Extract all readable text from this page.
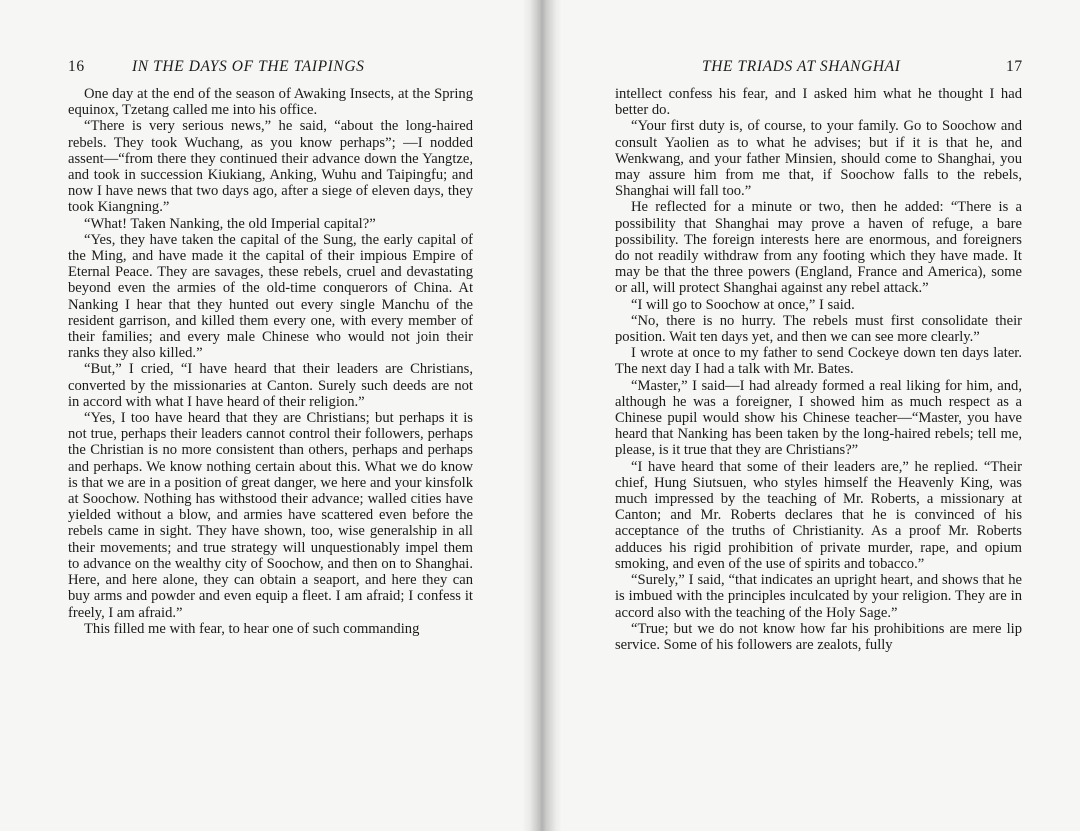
16	IN THE DAYS OF THE TAIPINGS

One day at the end of the season of Awaking Insects, at the Spring equinox, Tzetang called me into his office.

“There is very serious news,” he said, “about the long-haired rebels. They took Wuchang, as you know perhaps”; —I nodded assent—“from there they continued their advance down the Yangtze, and took in succession Kiukiang, Anking, Wuhu and Taipingfu; and now I have news that two days ago, after a siege of eleven days, they took Kiangning.”

“What! Taken Nanking, the old Imperial capital?”

“Yes, they have taken the capital of the Sung, the early capital of the Ming, and have made it the capital of their impious Empire of Eternal Peace. They are savages, these rebels, cruel and devastating beyond even the armies of the old-time conquerors of China. At Nanking I hear that they hunted out every single Manchu of the resident garrison, and killed them every one, with every member of their families; and every male Chinese who would not join their ranks they also killed.”

“But,” I cried, “I have heard that their leaders are Christians, converted by the missionaries at Canton. Surely such deeds are not in accord with what I have heard of their religion.”

“Yes, I too have heard that they are Christians; but perhaps it is not true, perhaps their leaders cannot control their followers, perhaps the Christian is no more consistent than others, perhaps and perhaps and perhaps. We know nothing certain about this. What we do know is that we are in a position of great danger, we here and your kinsfolk at Soochow. Nothing has withstood their advance; walled cities have yielded without a blow, and armies have scattered even before the rebels came in sight. They have shown, too, wise generalship in all their movements; and true strategy will unquestionably impel them to advance on the wealthy city of Soochow, and then on to Shanghai. Here, and here alone, they can obtain a seaport, and here they can buy arms and powder and even equip a fleet. I am afraid; I confess it freely, I am afraid.”

This filled me with fear, to hear one of such commanding

THE TRIADS AT SHANGHAI	17

intellect confess his fear, and I asked him what he thought I had better do.

“Your first duty is, of course, to your family. Go to Soochow and consult Yaolien as to what he advises; but if it is that he, and Wenkwang, and your father Minsien, should come to Shanghai, you may assure him from me that, if Soochow falls to the rebels, Shanghai will fall too.”

He reflected for a minute or two, then he added: “There is a possibility that Shanghai may prove a haven of refuge, a bare possibility. The foreign interests here are enormous, and foreigners do not readily withdraw from any footing which they have made. It may be that the three powers (England, France and America), some or all, will protect Shanghai against any rebel attack.”

“I will go to Soochow at once,” I said.

“No, there is no hurry. The rebels must first consolidate their position. Wait ten days yet, and then we can see more clearly.”

I wrote at once to my father to send Cockeye down ten days later. The next day I had a talk with Mr. Bates.

“Master,” I said—I had already formed a real liking for him, and, although he was a foreigner, I showed him as much respect as a Chinese pupil would show his Chinese teacher—“Master, you have heard that Nanking has been taken by the long-haired rebels; tell me, please, is it true that they are Christians?”

“I have heard that some of their leaders are,” he replied. “Their chief, Hung Siutsuen, who styles himself the Heavenly King, was much impressed by the teaching of Mr. Roberts, a missionary at Canton; and Mr. Roberts declares that he is convinced of his acceptance of the truths of Christianity. As a proof Mr. Roberts adduces his rigid prohibition of private murder, rape, and opium smoking, and even of the use of spirits and tobacco.”

“Surely,” I said, “that indicates an upright heart, and shows that he is imbued with the principles inculcated by your religion. They are in accord also with the teaching of the Holy Sage.”

“True; but we do not know how far his prohibitions are mere lip service. Some of his followers are zealots, fully
